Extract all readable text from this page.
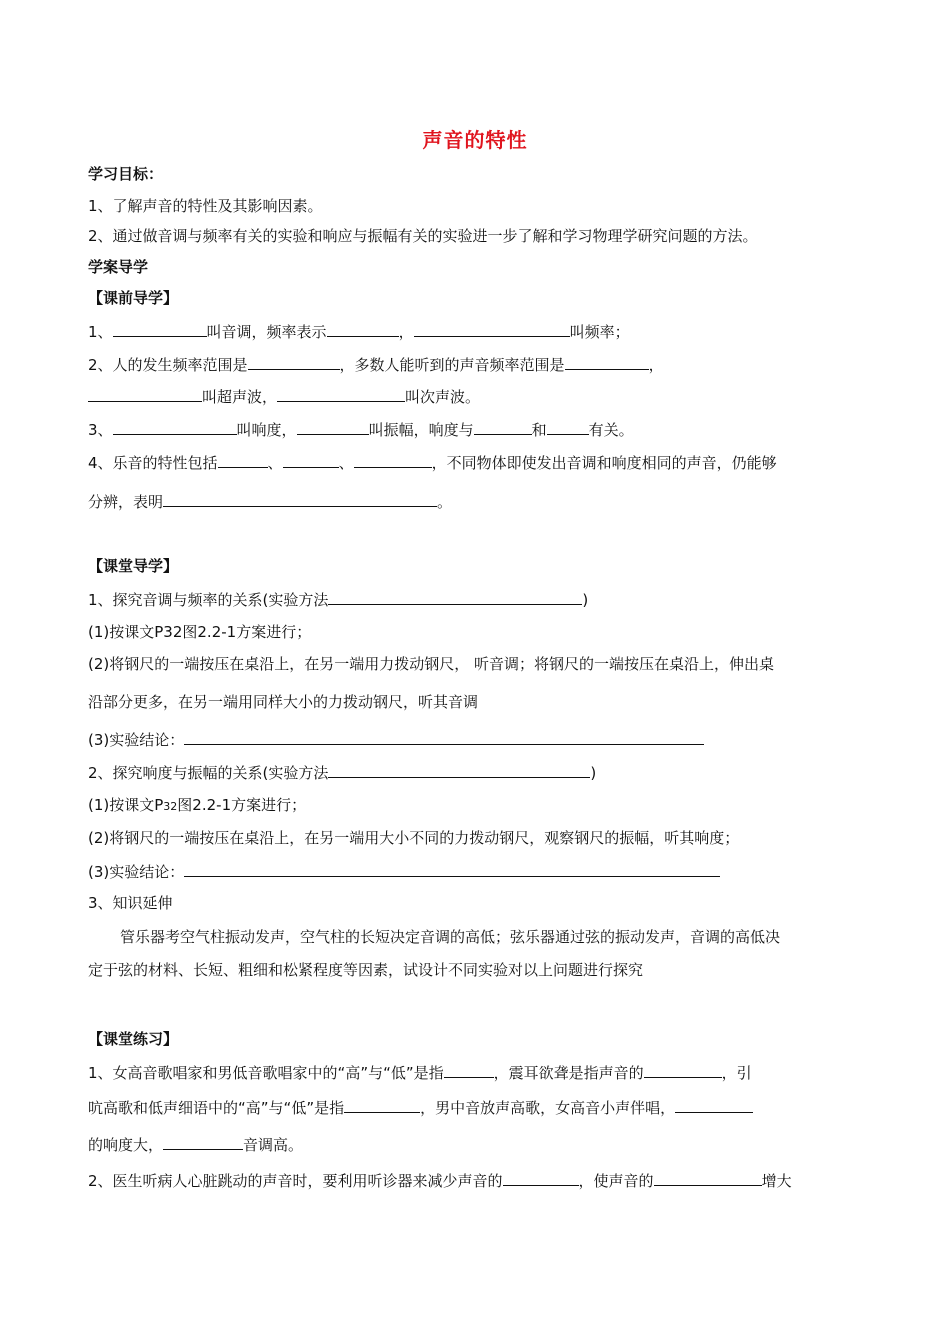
声音的特性
学习目标：
1、了解声音的特性及其影响因素。
2、通过做音调与频率有关的实验和响应与振幅有关的实验进一步了解和学习物理学研究问题的方法。
学案导学
【课前导学】
1、	叫音调，频率表示	，	叫频率；
2、人的发生频率范围是	，多数人能听到的声音频率范围是	，
叫超声波，	叫次声波。
3、	叫响度，	叫振幅，响度与	和	有关。
4、乐音的特性包括	、	、	，不同物体即使发出音调和响度相同的声音，仍能够
分辨，表明	。
【课堂导学】
1、探究音调与频率的关系(实验方法	)
(1)按课文P32图2.2-1方案进行；
(2)将钢尺的一端按压在桌沿上，在另一端用力拨动钢尺， 听音调；将钢尺的一端按压在桌沿上，伸出桌
沿部分更多，在另一端用同样大小的力拨动钢尺，听其音调
(3)实验结论：
2、探究响度与振幅的关系(实验方法	)
(1)按课文P32图2.2-1方案进行；
(2)将钢尺的一端按压在桌沿上，在另一端用大小不同的力拨动钢尺，观察钢尺的振幅，听其响度；
(3)实验结论：
3、知识延伸
管乐器考空气柱振动发声，空气柱的长短决定音调的高低；弦乐器通过弦的振动发声，音调的高低决
定于弦的材料、长短、粗细和松紧程度等因素，试设计不同实验对以上问题进行探究
【课堂练习】
1、女高音歌唱家和男低音歌唱家中的“高”与“低”是指	，震耳欲聋是指声音的	，引
吭高歌和低声细语中的“高”与“低”是指	，男中音放声高歌，女高音小声伴唱，
的响度大，	音调高。
2、医生听病人心脏跳动的声音时，要利用听诊器来减少声音的	，使声音的	增大
